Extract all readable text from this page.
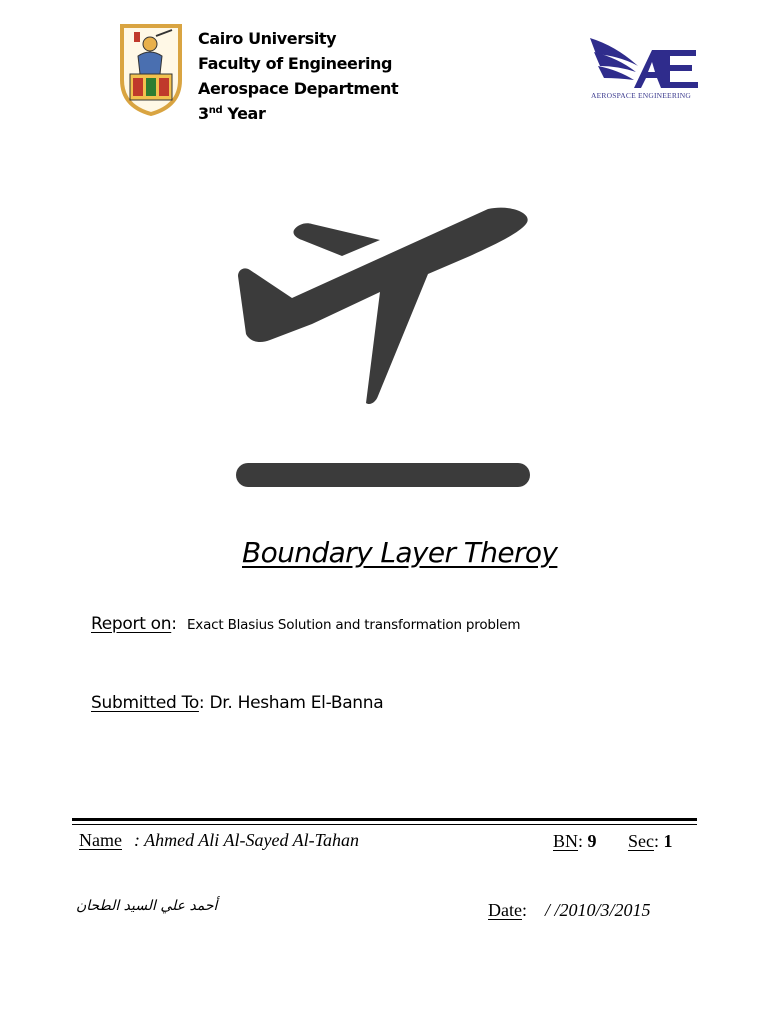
Cairo University
Faculty of Engineering
Aerospace Department
3nd Year
AE
AEROSPACE ENGINEERING
Boundary Layer Theroy
Report on: Exact Blasius Solution and transformation problem
Submitted To: Dr. Hesham El-Banna
Name : Ahmed Ali Al-Sayed Al-Tahan	BN: 9 Sec: 1
أحمد علي السيد الطحان	Date: / /201​0/3/2015
